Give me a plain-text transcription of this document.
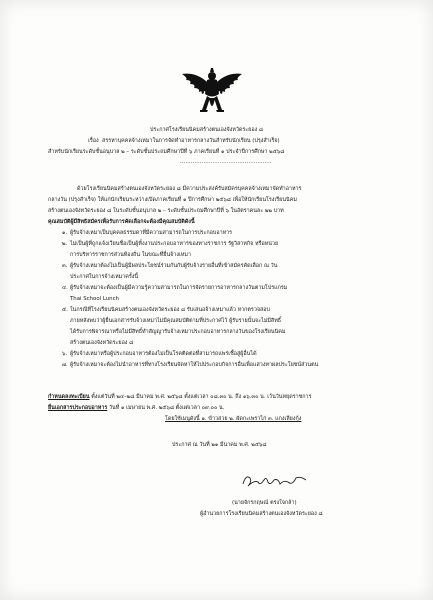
ประกาศโรงเรียนนิคมสร้างตนเองจังหวัดระยอง ๘

เรื่อง สรรหาบุคคลจ้างเหมาในการจัดทำอาหารกลางวันสำหรับนักเรียน (ปรุงสำเร็จ)

สำหรับนักเรียนระดับชั้นอนุบาล ๒ – ระดับชั้นประถมศึกษาปีที่ ๖ ภาคเรียนที่ ๑ ประจำปีการศึกษา ๒๕๖๘

……………………………………………

ด้วยโรงเรียนนิคมสร้างตนเองจังหวัดระยอง ๘ มีความประสงค์รับสมัครบุคคลจ้างเหมาจัดทำอาหาร

กลางวัน (ปรุงสำเร็จ) ให้แก่นักเรียนระหว่างเปิดภาคเรียนที่ ๑ ปีการศึกษา ๒๕๖๘ เพื่อให้นักเรียนโรงเรียนนิคม

สร้างตนเองจังหวัดระยอง ๘ ในระดับชั้นอนุบาล ๒ – ระดับชั้นประถมศึกษาปีที่ ๖ ในอัตราคนละ ๒๒ บาท

คุณสมบัติผู้มีสิทธิสมัครเพื่อรับการคัดเลือกจะต้องมีคุณสมบัติดังนี้

๑. ผู้รับจ้างเหมาเป็นบุคคลธรรมดาที่มีความสามารถในการประกอบอาหาร

๒. ไม่เป็นผู้ที่ถูกแจ้งเวียนชื่อเป็นผู้ทิ้งงานประกอบอาหารของทางราชการ รัฐวิสาหกิจ หรือหน่วย

การบริหารราชการส่วนท้องถิ่น ในขณะที่ยื่นจ้างเหมา

๓. ผู้รับจ้างเหมาต้องไม่เป็นผู้มีผลประโยชน์ร่วมกันกับผู้รับจ้างรายอื่นที่เข้าสมัครคัดเลือก ณ วัน

ประกาศในการจ้างเหมาครั้งนี้

๔. ผู้รับจ้างเหมาจะต้องเป็นผู้มีความรู้ความสามารถในการจัดรายการอาหารกลางวันตามโปรแกรม

Thai School Lunch

๕. ในกรณีที่โรงเรียนนิคมสร้างตนเองจังหวัดระยอง ๘ รับเสนอจ้างเหมาแล้ว หากตรวจสอบ

ภายหลังพบว่าผู้ยื่นเอกสารรับจ้างเหมาไม่มีคุณสมบัติตามที่ประกาศไว้ ผู้รับรายนั้นจะไม่มีสิทธิ์

ได้รับการพิจารณาหรือไม่มีสิทธิ์ทำสัญญารับจ้างเหมาประกอบอาหารกลางวันของโรงเรียนนิคม

สร้างตนเองจังหวัดระยอง ๘

๖. ผู้รับจ้างเหมาหรือผู้ประกอบอาหารต้องไม่เป็นโรคติดต่อที่สามารถแพร่เชื้อสู่ผู้อื่นได้

๗. ผู้รับจ้างเหมาจะต้องไม่นำอาหารที่ทางโรงเรียนจัดหาให้ไปประกอบกิจการอื่นเพื่อแสวงหาผลประโยชน์ส่วนตน

กำหนดลงทะเบียน ตั้งแต่วันที่ ๒๔–๒๘ มีนาคม พ.ศ. ๒๕๖๘ ตั้งแต่เวลา ๐๘.๓๐ น. ถึง ๑๖.๓๐ น. เว้นวันหยุดราชการ

ยื่นเอกสารประกอบอาหาร วันที่ ๑ เมษายน พ.ศ. ๒๕๖๘ ตั้งแต่เวลา ๐๙.๐๐ น.

โดยใช้เมนูดังนี้ ๑. ข้าวสวย ๒. ผัดกะเพราไก่ ๓. แกงเลียงกุ้ง

ประกาศ ณ วันที่ ๒๑ มีนาคม พ.ศ. ๒๕๖๘

(นายจักรกฤษณ์ ตรงใจกล้า)

ผู้อำนวยการโรงเรียนนิคมสร้างตนเองจังหวัดระยอง ๘
